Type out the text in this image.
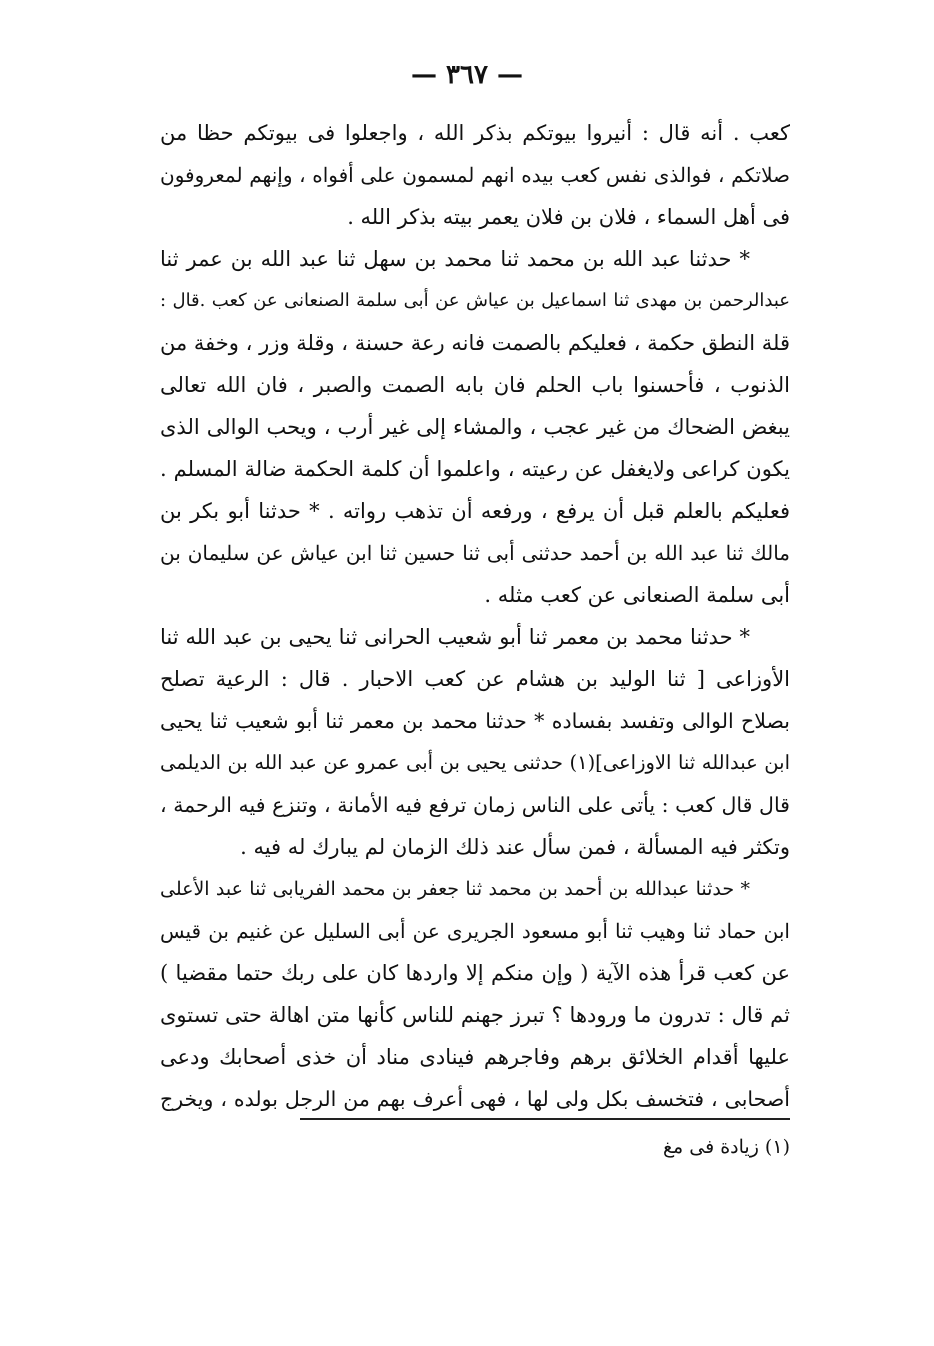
— ٣٦٧ —
كعب . أنه قال : أنيروا بيوتكم بذكر الله ، واجعلوا فى بيوتكم حظا من
صلاتكم ، فوالذى نفس كعب بيده انهم لمسمون على أفواه ، وإنهم لمعروفون
فى أهل السماء ، فلان بن فلان يعمر بيته بذكر الله .
* حدثنا عبد الله بن محمد ثنا محمد بن سهل ثنا عبد الله بن عمر ثنا
عبدالرحمن بن مهدى ثنا اسماعيل بن عياش عن أبى سلمة الصنعانى عن كعب .قال :
قلة النطق حكمة ، فعليكم بالصمت فانه رعة حسنة ، وقلة وزر ، وخفة من
الذنوب ، فأحسنوا باب الحلم فان بابه الصمت والصبر ، فان الله تعالى
يبغض الضحاك من غير عجب ، والمشاء إلى غير أرب ، ويحب الوالى الذى
يكون كراعى ولايغفل عن رعيته ، واعلموا أن كلمة الحكمة ضالة المسلم .
فعليكم بالعلم قبل أن يرفع ، ورفعه أن تذهب رواته . * حدثنا أبو بكر بن
مالك ثنا عبد الله بن أحمد حدثنى أبى ثنا حسين ثنا ابن عياش عن سليمان بن
أبى سلمة الصنعانى عن كعب مثله .
* حدثنا محمد بن معمر ثنا أبو شعيب الحرانى ثنا يحيى بن عبد الله ثنا
الأوزاعى [ ثنا الوليد بن هشام عن كعب الاحبار . قال : الرعية تصلح
بصلاح الوالى وتفسد بفساده * حدثنا محمد بن معمر ثنا أبو شعيب ثنا يحيى
ابن عبدالله ثنا الاوزاعى](١) حدثنى يحيى بن أبى عمرو عن عبد الله بن الديلمى
قال قال كعب : يأتى على الناس زمان ترفع فيه الأمانة ، وتنزع فيه الرحمة ،
وتكثر فيه المسألة ، فمن سأل عند ذلك الزمان لم يبارك له فيه .
* حدثنا عبدالله بن أحمد بن محمد ثنا جعفر بن محمد الفريابى ثنا عبد الأعلى
ابن حماد ثنا وهيب ثنا أبو مسعود الجريرى عن أبى السليل عن غنيم بن قيس
عن كعب قرأ هذه الآية ( وإن منكم إلا واردها كان على ربك حتما مقضيا )
ثم قال : تدرون ما ورودها ؟ تبرز جهنم للناس كأنها متن اهالة حتى تستوى
عليها أقدام الخلائق برهم وفاجرهم فينادى مناد أن خذى أصحابك ودعى
أصحابى ، فتخسف بكل ولى لها ، فهى أعرف بهم من الرجل بولده ، ويخرج
(١) زيادة فى مغ
